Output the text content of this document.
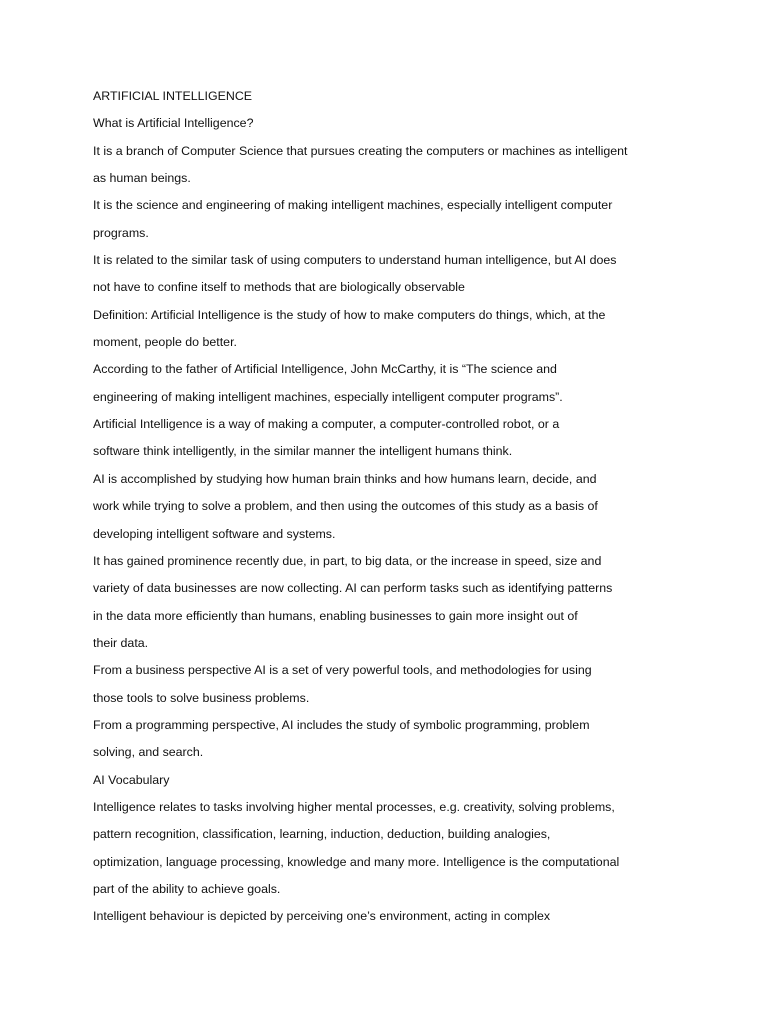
ARTIFICIAL INTELLIGENCE
What is Artificial Intelligence?
It is a branch of Computer Science that pursues creating the computers or machines as intelligent
as human beings.
It is the science and engineering of making intelligent machines, especially intelligent computer
programs.
It is related to the similar task of using computers to understand human intelligence, but AI does
not have to confine itself to methods that are biologically observable
Definition: Artificial Intelligence is the study of how to make computers do things, which, at the
moment, people do better.
According to the father of Artificial Intelligence, John McCarthy, it is “The science and
engineering of making intelligent machines, especially intelligent computer programs”.
Artificial Intelligence is a way of making a computer, a computer-controlled robot, or a
software think intelligently, in the similar manner the intelligent humans think.
AI is accomplished by studying how human brain thinks and how humans learn, decide, and
work while trying to solve a problem, and then using the outcomes of this study as a basis of
developing intelligent software and systems.
It has gained prominence recently due, in part, to big data, or the increase in speed, size and
variety of data businesses are now collecting. AI can perform tasks such as identifying patterns
in the data more efficiently than humans, enabling businesses to gain more insight out of
their data.
From a business perspective AI is a set of very powerful tools, and methodologies for using
those tools to solve business problems.
From a programming perspective, AI includes the study of symbolic programming, problem
solving, and search.
AI Vocabulary
Intelligence relates to tasks involving higher mental processes, e.g. creativity, solving problems,
pattern recognition, classification, learning, induction, deduction, building analogies,
optimization, language processing, knowledge and many more. Intelligence is the computational
part of the ability to achieve goals.
Intelligent behaviour is depicted by perceiving one’s environment, acting in complex
